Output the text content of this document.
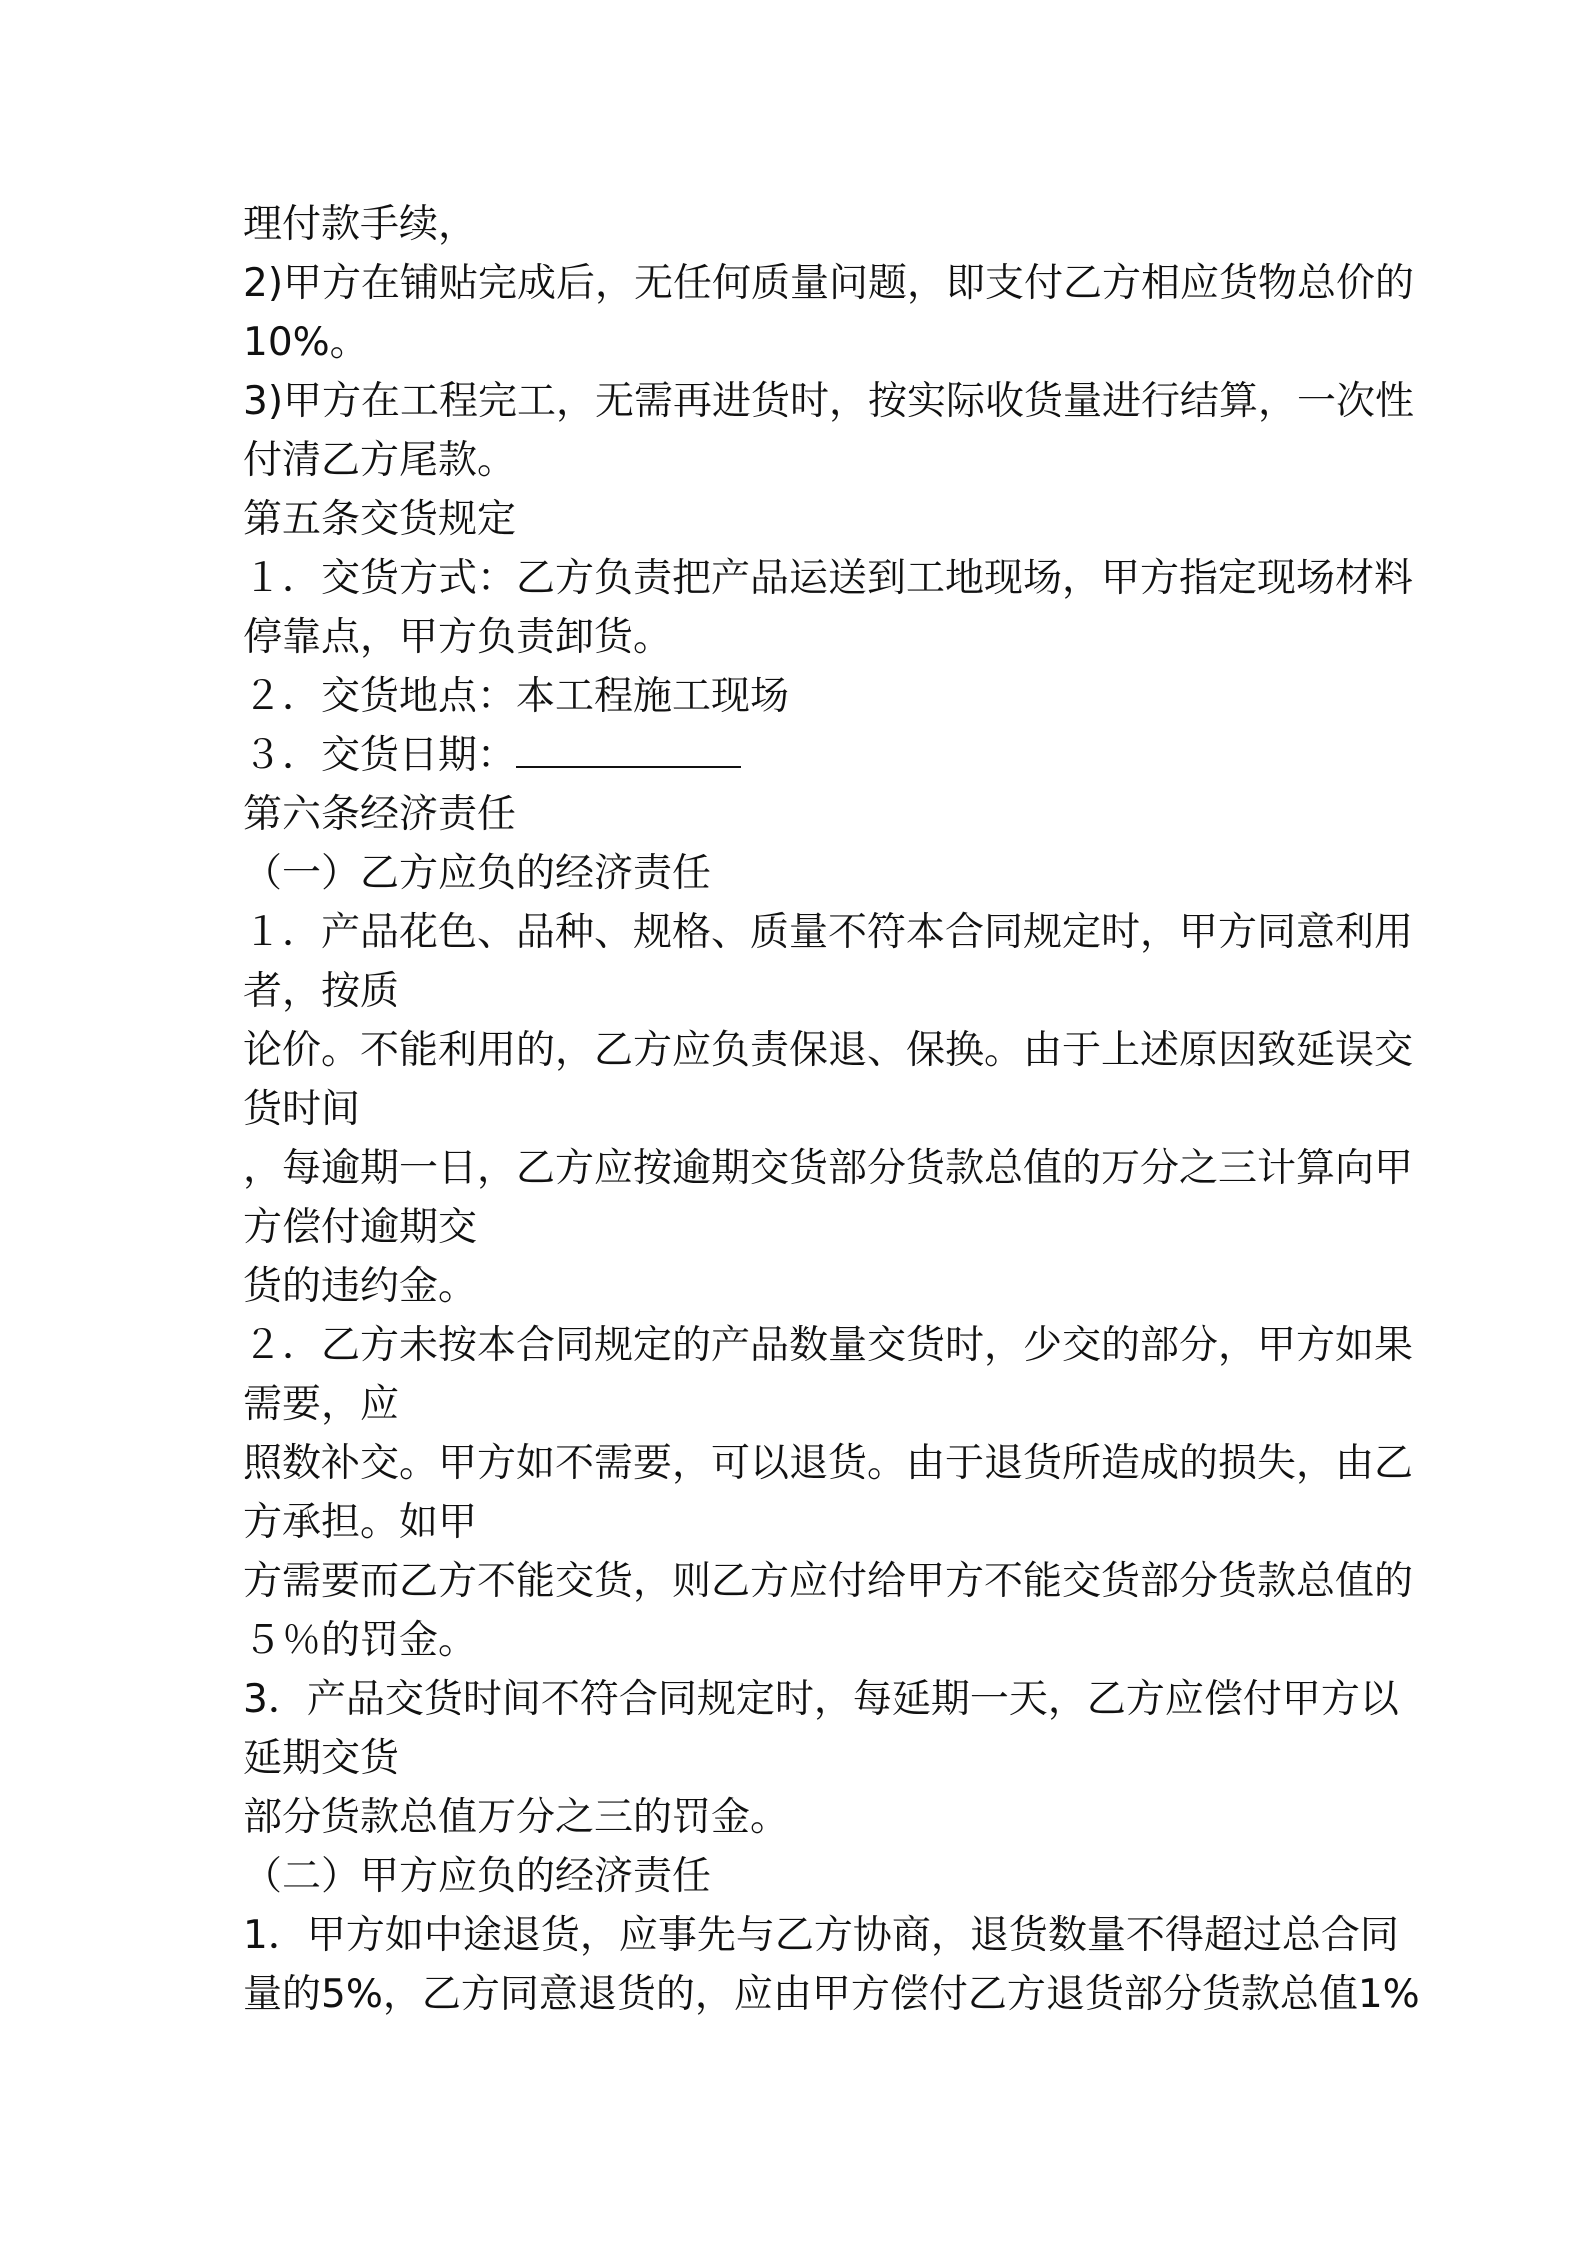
理付款手续，
2)甲方在铺贴完成后，无任何质量问题，即支付乙方相应货物总价的
10%。
3)甲方在工程完工，无需再进货时，按实际收货量进行结算，一次性
付清乙方尾款。
第五条交货规定
１．交货方式：乙方负责把产品运送到工地现场，甲方指定现场材料
停靠点，甲方负责卸货。
２．交货地点：本工程施工现场
３．交货日期：
第六条经济责任
（一）乙方应负的经济责任
１．产品花色、品种、规格、质量不符本合同规定时，甲方同意利用
者，按质
论价。不能利用的，乙方应负责保退、保换。由于上述原因致延误交
货时间
，每逾期一日，乙方应按逾期交货部分货款总值的万分之三计算向甲
方偿付逾期交
货的违约金。
２．乙方未按本合同规定的产品数量交货时，少交的部分，甲方如果
需要，应
照数补交。甲方如不需要，可以退货。由于退货所造成的损失，由乙
方承担。如甲
方需要而乙方不能交货，则乙方应付给甲方不能交货部分货款总值的
５％的罚金。
3．产品交货时间不符合同规定时，每延期一天，乙方应偿付甲方以
延期交货
部分货款总值万分之三的罚金。
（二）甲方应负的经济责任
1．甲方如中途退货，应事先与乙方协商，退货数量不得超过总合同
量的5%，乙方同意退货的，应由甲方偿付乙方退货部分货款总值1%
